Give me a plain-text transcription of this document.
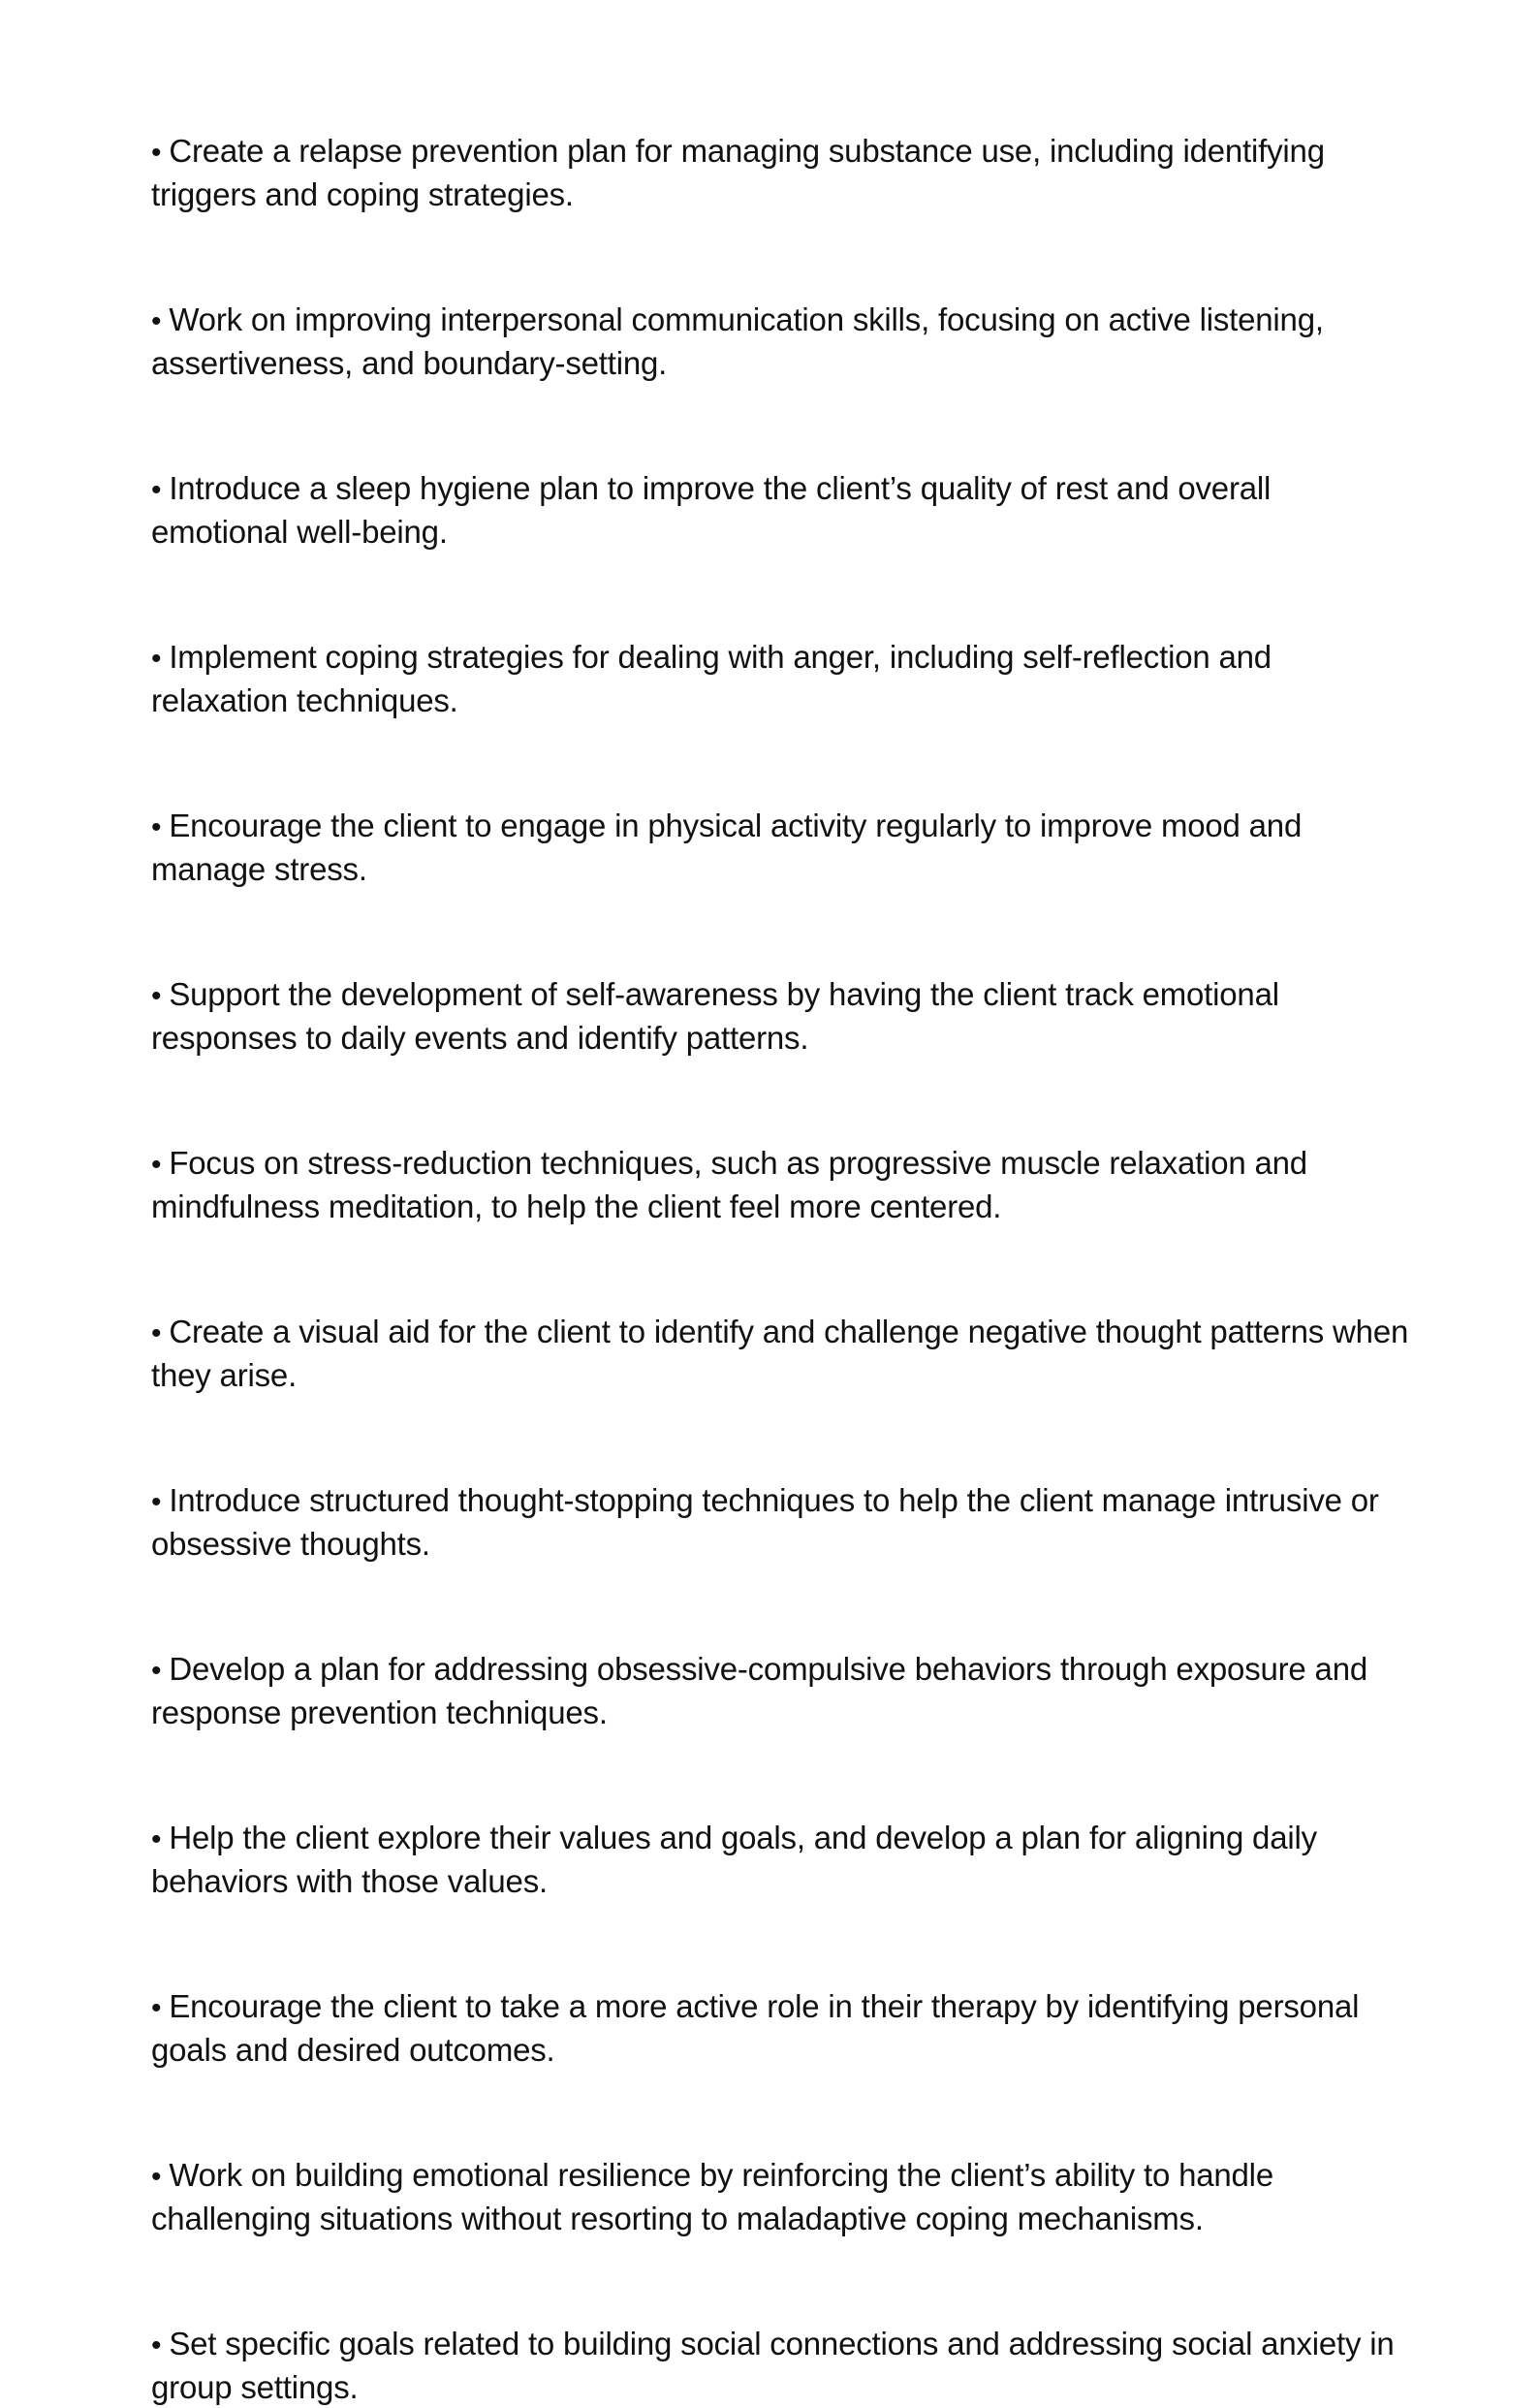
• Create a relapse prevention plan for managing substance use, including identifying triggers and coping strategies.
• Work on improving interpersonal communication skills, focusing on active listening, assertiveness, and boundary-setting.
• Introduce a sleep hygiene plan to improve the client’s quality of rest and overall emotional well-being.
• Implement coping strategies for dealing with anger, including self-reflection and relaxation techniques.
• Encourage the client to engage in physical activity regularly to improve mood and manage stress.
• Support the development of self-awareness by having the client track emotional responses to daily events and identify patterns.
• Focus on stress-reduction techniques, such as progressive muscle relaxation and mindfulness meditation, to help the client feel more centered.
• Create a visual aid for the client to identify and challenge negative thought patterns when they arise.
• Introduce structured thought-stopping techniques to help the client manage intrusive or obsessive thoughts.
• Develop a plan for addressing obsessive-compulsive behaviors through exposure and response prevention techniques.
• Help the client explore their values and goals, and develop a plan for aligning daily behaviors with those values.
• Encourage the client to take a more active role in their therapy by identifying personal goals and desired outcomes.
• Work on building emotional resilience by reinforcing the client’s ability to handle challenging situations without resorting to maladaptive coping mechanisms.
• Set specific goals related to building social connections and addressing social anxiety in group settings.
